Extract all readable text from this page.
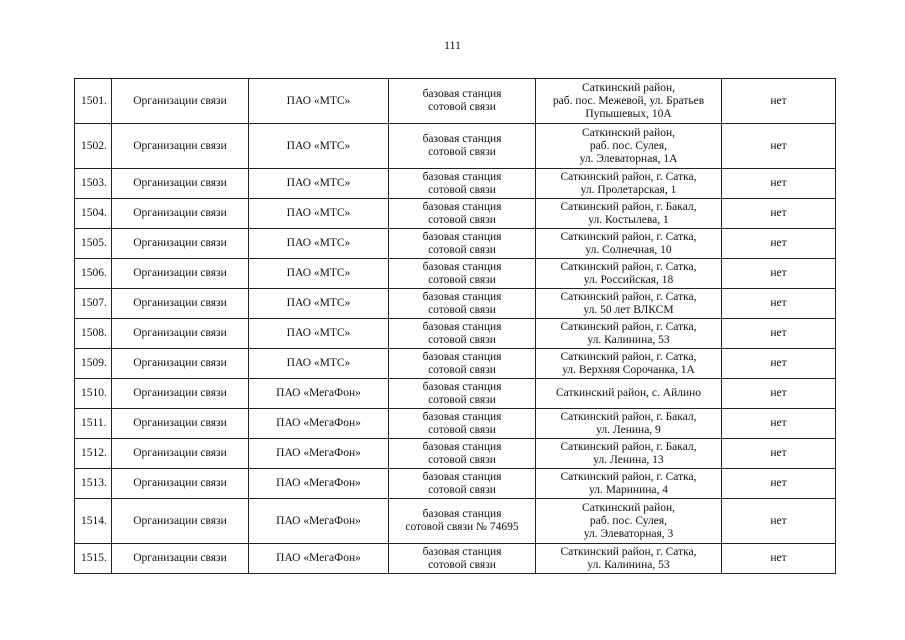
111
1501.	Организации связи	ПАО «МТС»	базовая станция
сотовой связи	Саткинский район,
раб. пос. Межевой, ул. Братьев
Пупышевых, 10А	нет
1502.	Организации связи	ПАО «МТС»	базовая станция
сотовой связи	Саткинский район,
раб. пос. Сулея,
ул. Элеваторная, 1А	нет
1503.	Организации связи	ПАО «МТС»	базовая станция
сотовой связи	Саткинский район, г. Сатка,
ул. Пролетарская, 1	нет
1504.	Организации связи	ПАО «МТС»	базовая станция
сотовой связи	Саткинский район, г. Бакал,
ул. Костылева, 1	нет
1505.	Организации связи	ПАО «МТС»	базовая станция
сотовой связи	Саткинский район, г. Сатка,
ул. Солнечная, 10	нет
1506.	Организации связи	ПАО «МТС»	базовая станция
сотовой связи	Саткинский район, г. Сатка,
ул. Российская, 18	нет
1507.	Организации связи	ПАО «МТС»	базовая станция
сотовой связи	Саткинский район, г. Сатка,
ул. 50 лет ВЛКСМ	нет
1508.	Организации связи	ПАО «МТС»	базовая станция
сотовой связи	Саткинский район, г. Сатка,
ул. Калинина, 53	нет
1509.	Организации связи	ПАО «МТС»	базовая станция
сотовой связи	Саткинский район, г. Сатка,
ул. Верхняя Сорочанка, 1А	нет
1510.	Организации связи	ПАО «МегаФон»	базовая станция
сотовой связи	Саткинский район, с. Айлино	нет
1511.	Организации связи	ПАО «МегаФон»	базовая станция
сотовой связи	Саткинский район, г. Бакал,
ул. Ленина, 9	нет
1512.	Организации связи	ПАО «МегаФон»	базовая станция
сотовой связи	Саткинский район, г. Бакал,
ул. Ленина, 13	нет
1513.	Организации связи	ПАО «МегаФон»	базовая станция
сотовой связи	Саткинский район, г. Сатка,
ул. Маринина, 4	нет
1514.	Организации связи	ПАО «МегаФон»	базовая станция
сотовой связи № 74695	Саткинский район,
раб. пос. Сулея,
ул. Элеваторная, 3	нет
1515.	Организации связи	ПАО «МегаФон»	базовая станция
сотовой связи	Саткинский район, г. Сатка,
ул. Калинина, 53	нет
